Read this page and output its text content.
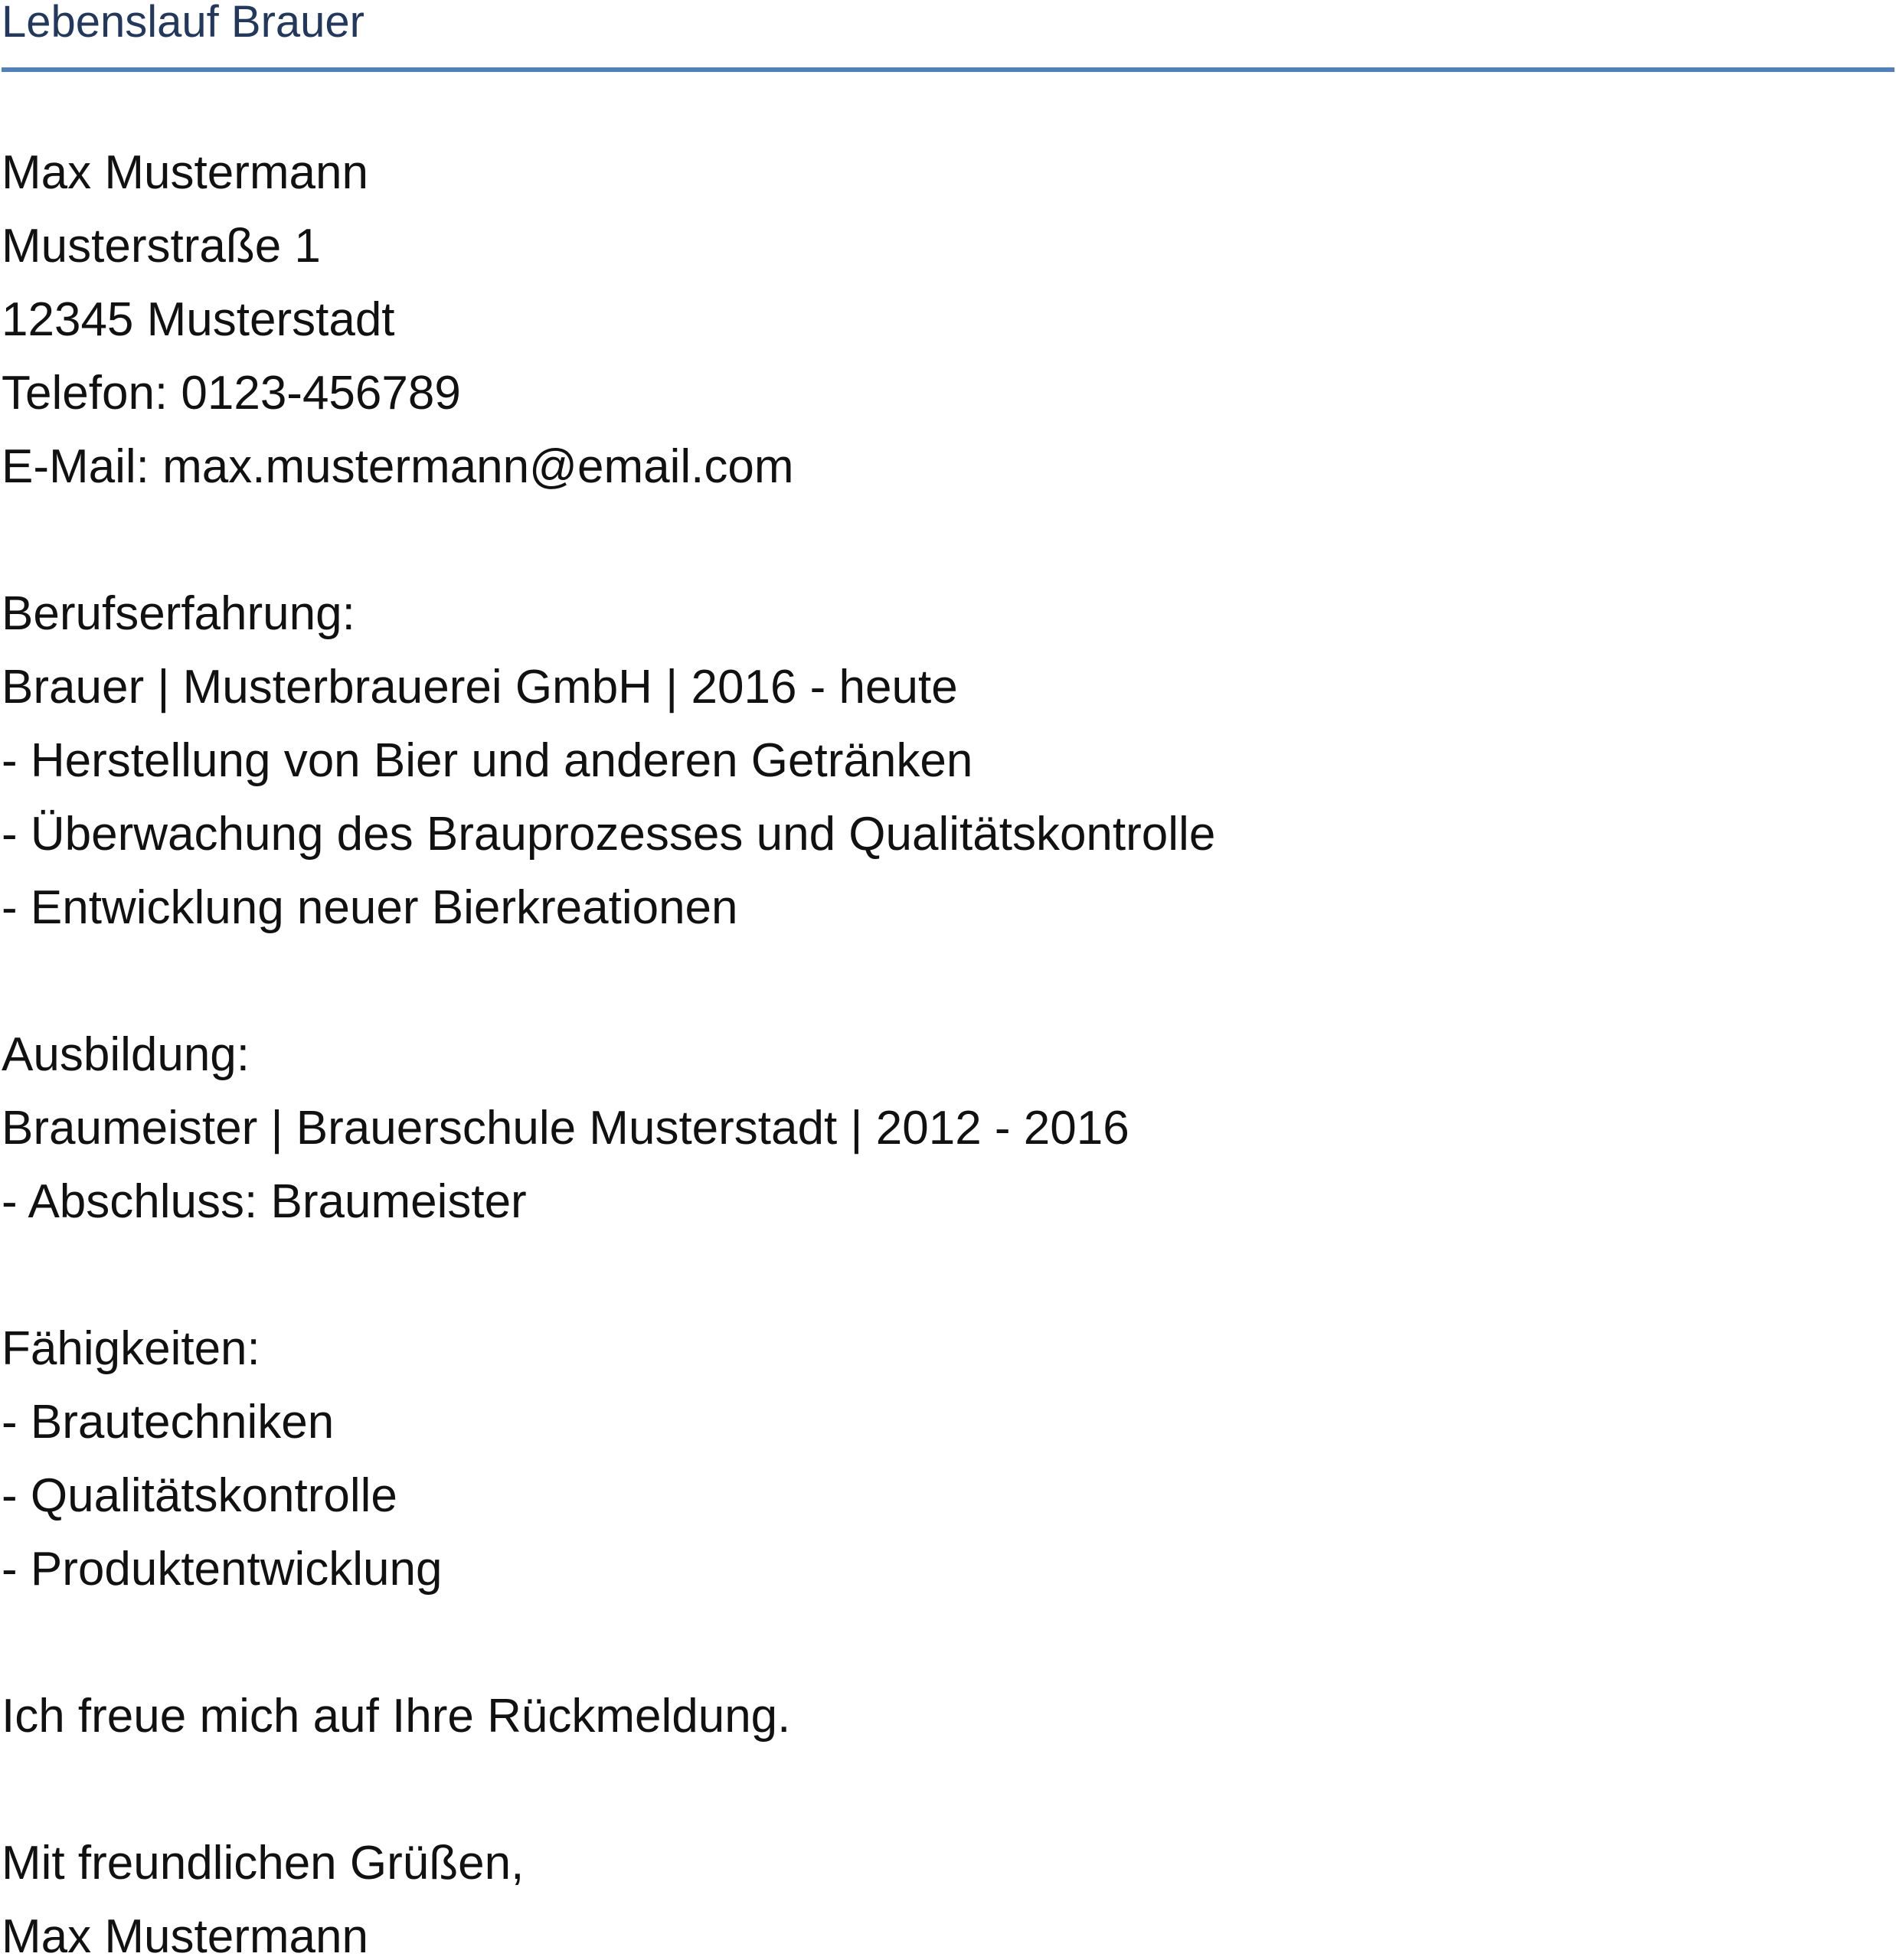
Lebenslauf Brauer
Max Mustermann
Musterstraße 1
12345 Musterstadt
Telefon: 0123-456789
E-Mail: max.mustermann@email.com
Berufserfahrung:
Brauer | Musterbrauerei GmbH | 2016 - heute
- Herstellung von Bier und anderen Getränken
- Überwachung des Brauprozesses und Qualitätskontrolle
- Entwicklung neuer Bierkreationen
Ausbildung:
Braumeister | Brauerschule Musterstadt | 2012 - 2016
- Abschluss: Braumeister
Fähigkeiten:
- Brautechniken
- Qualitätskontrolle
- Produktentwicklung
Ich freue mich auf Ihre Rückmeldung.
Mit freundlichen Grüßen,
Max Mustermann
